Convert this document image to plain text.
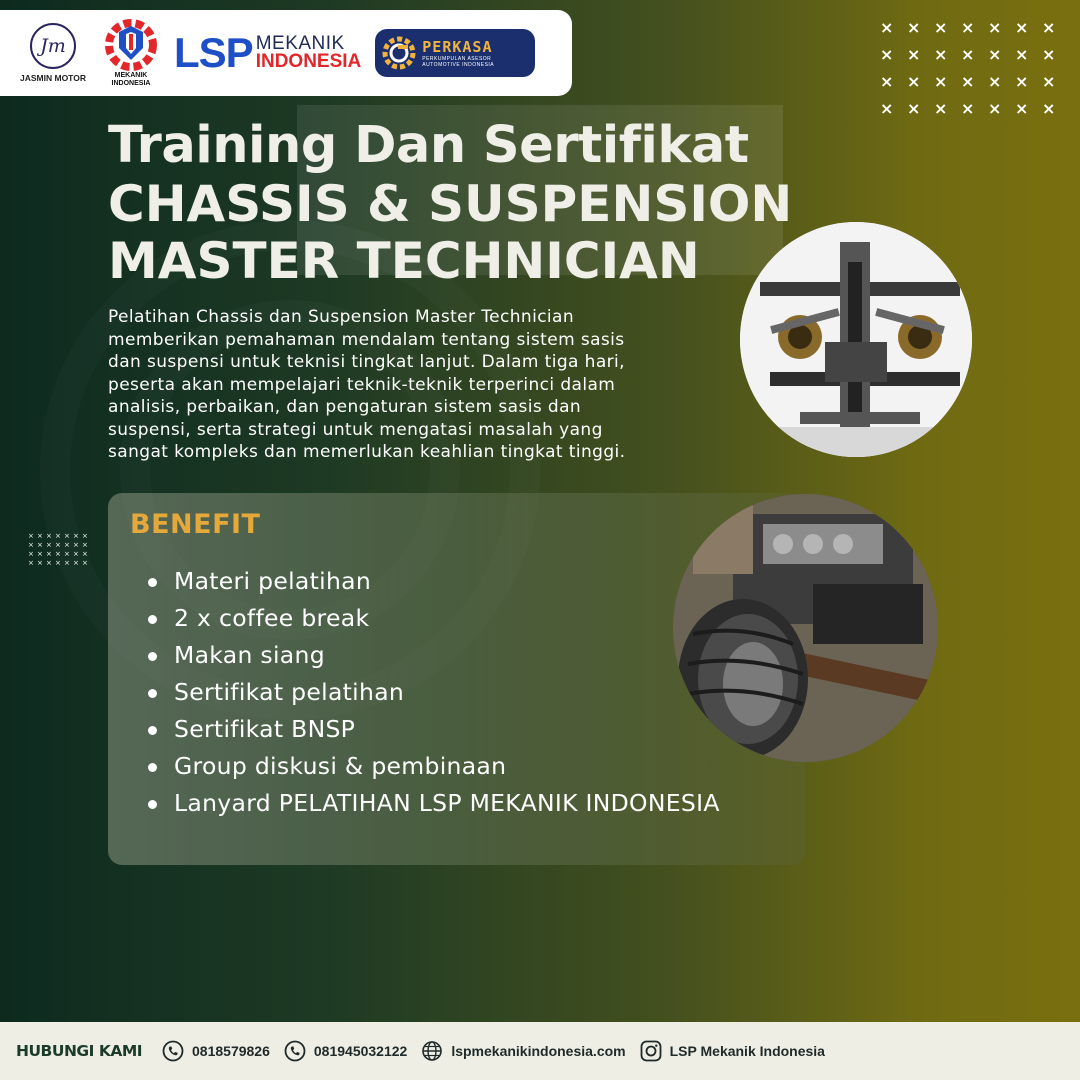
Jm
JASMIN MOTOR	MEKANIK INDONESIA
LSP MEKANIK
INDONESIA
PERKASA
PERKUMPULAN ASESOR
AUTOMOTIVE INDONESIA
× × × × × × ×
× × × × × × ×
× × × × × × ×
× × × × × × ×
× × × × × × ×
× × × × × × ×
× × × × × × ×
× × × × × × ×
Training Dan Sertifikat
CHASSIS & SUSPENSION
MASTER TECHNICIAN
Pelatihan Chassis dan Suspension Master Technician
memberikan pemahaman mendalam tentang sistem sasis
dan suspensi untuk teknisi tingkat lanjut. Dalam tiga hari,
peserta akan mempelajari teknik-teknik terperinci dalam
analisis, perbaikan, dan pengaturan sistem sasis dan
suspensi, serta strategi untuk mengatasi masalah yang
sangat kompleks dan memerlukan keahlian tingkat tinggi.
BENEFIT
Materi pelatihan
2 x coffee break
Makan siang
Sertifikat pelatihan
Sertifikat BNSP
Group diskusi & pembinaan
Lanyard PELATIHAN LSP MEKANIK INDONESIA
HUBUNGI KAMI	0818579826	081945032122	lspmekanikindonesia.com	LSP Mekanik Indonesia
